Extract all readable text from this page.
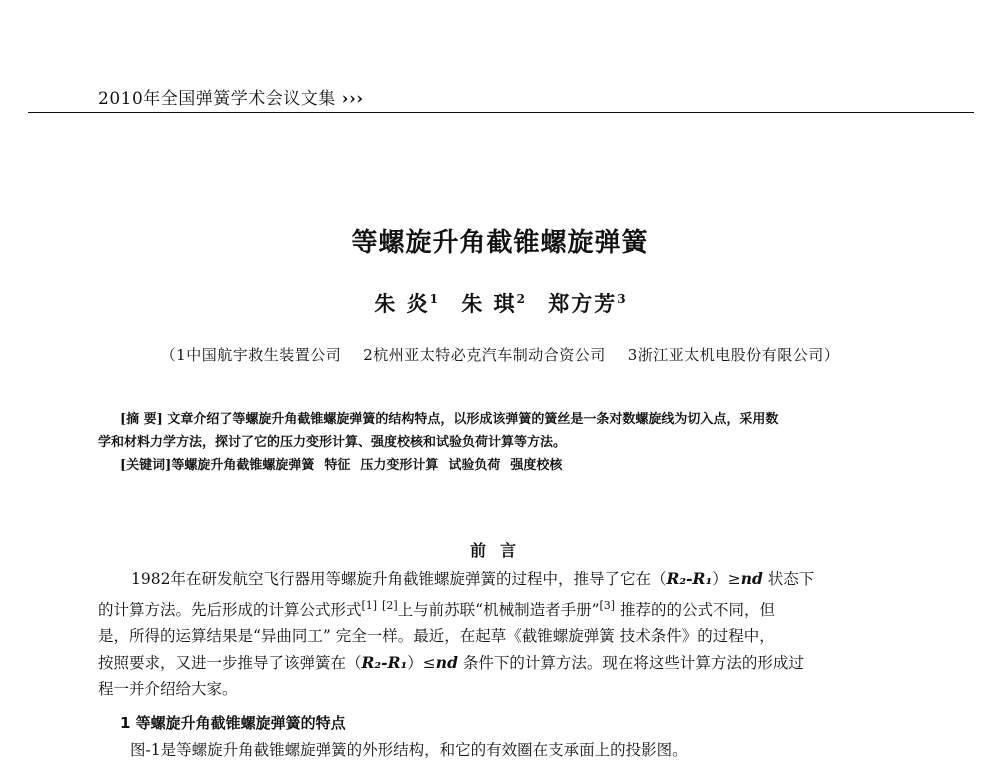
2010年全国弹簧学术会议文集 ›››
等螺旋升角截锥螺旋弹簧
朱 炎$^1$ 朱 琪$^2$ 郑方芳$^3$
（1中国航宇救生装置公司 2杭州亚太特必克汽车制动合资公司 3浙江亚太机电股份有限公司）

[摘 要] 文章介绍了等螺旋升角截锥螺旋弹簧的结构特点，以形成该弹簧的簧丝是一条对数螺旋线为切入点，采用数

学和材料力学方法，探讨了它的压力变形计算、强度校核和试验负荷计算等方法。

[关键词]等螺旋升角截锥螺旋弹簧 特征 压力变形计算 试验负荷 强度校核

前言

1982年在研发航空飞行器用等螺旋升角截锥螺旋弹簧的过程中，推导了它在（R₂-R₁）≥nd 状态下

的计算方法。先后形成的计算公式形式[1] [2]上与前苏联“机械制造者手册”[3] 推荐的的公式不同，但

是，所得的运算结果是“异曲同工” 完全一样。最近，在起草《截锥螺旋弹簧 技术条件》的过程中，

按照要求，又进一步推导了该弹簧在（R₂-R₁）≤nd 条件下的计算方法。现在将这些计算方法的形成过

程一并介绍给大家。

1 等螺旋升角截锥螺旋弹簧的特点
图-1是等螺旋升角截锥螺旋弹簧的外形结构，和它的有效圈在支承面上的投影图。
